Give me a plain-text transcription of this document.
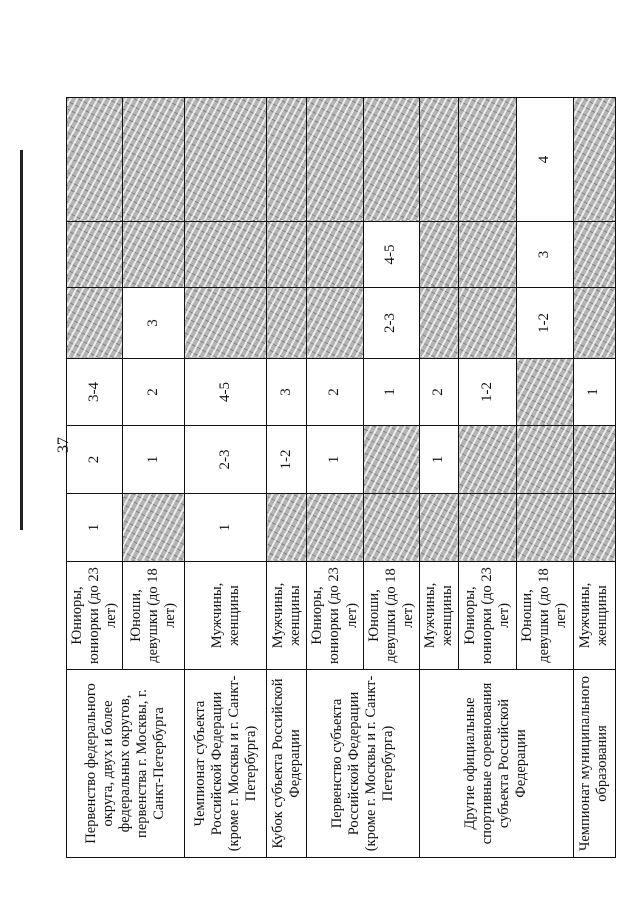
37
Первенство федерального округа, двух и более федеральных округов, первенства г. Москвы, г. Санкт-Петербурга	Юниоры, юниорки (до 23 лет)	1	2	3-4			
	Юноши, девушки (до 18 лет)		1	2	3		
Чемпионат субъекта Российской Федерации (кроме г. Москвы и г. Санкт-Петербурга)	Мужчины, женщины	1	2-3	4-5			
Кубок субъекта Российской Федерации	Мужчины, женщины		1-2	3			
Первенство субъекта Российской Федерации (кроме г. Москвы и г. Санкт-Петербурга)	Юниоры, юниорки (до 23 лет)		1	2			
	Юноши, девушки (до 18 лет)			1	2-3	4-5	
Другие официальные спортивные соревнования субъекта Российской Федерации	Мужчины, женщины		1	2			
	Юниоры, юниорки (до 23 лет)			1-2			
	Юноши, девушки (до 18 лет)				1-2	3	4
Чемпионат муниципального образования	Мужчины, женщины			1			
